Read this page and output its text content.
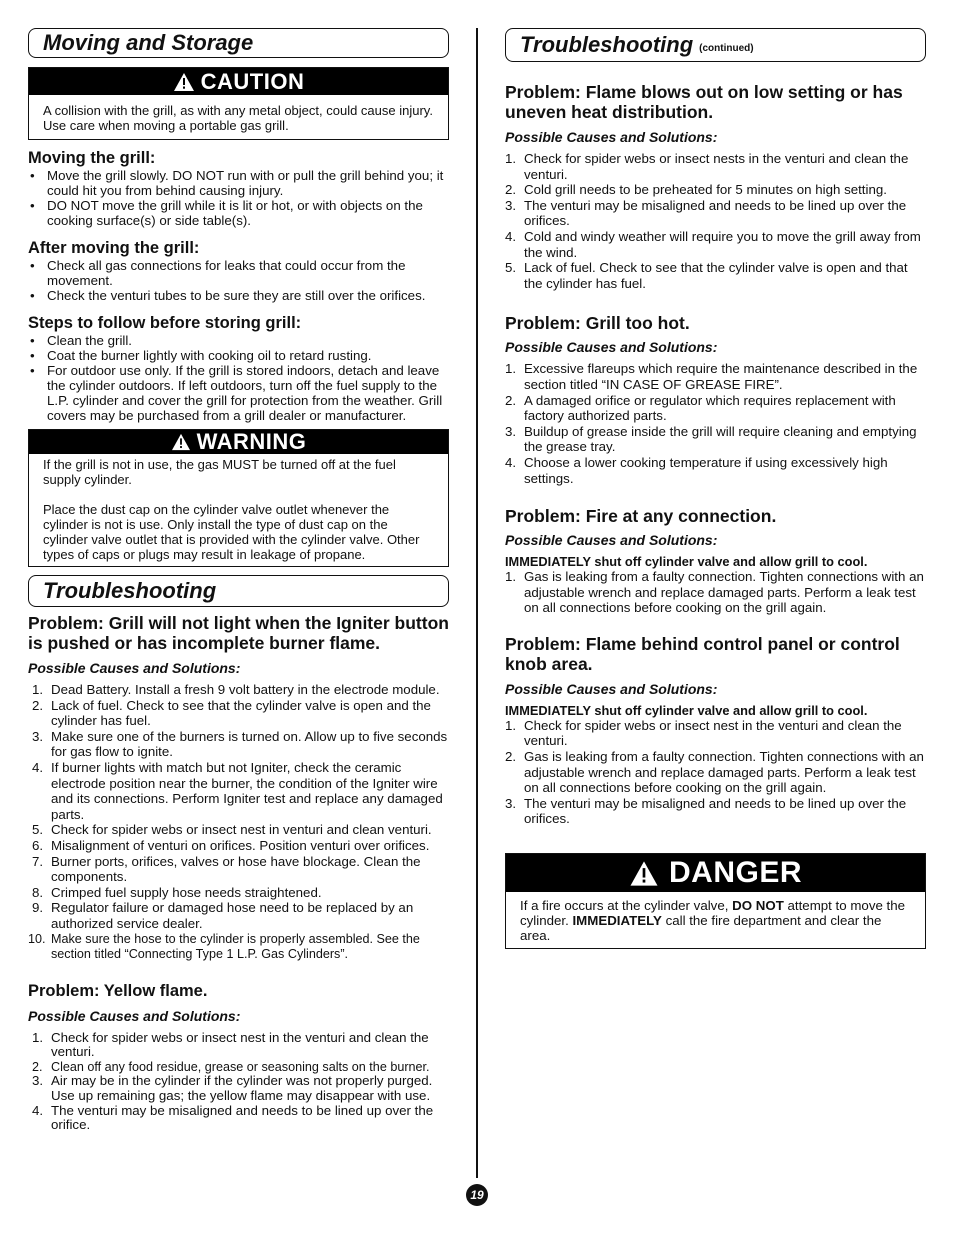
Moving and Storage
CAUTION

A collision with the grill, as with any metal object, could cause injury. Use care when moving a portable gas grill.

Moving the grill:
• Move the grill slowly. DO NOT run with or pull the grill behind you; it could hit you from behind causing injury.
• DO NOT move the grill while it is lit or hot, or with objects on the cooking surface(s) or side table(s).
After moving the grill:
• Check all gas connections for leaks that could occur from the movement.
• Check the venturi tubes to be sure they are still over the orifices.
Steps to follow before storing grill:
• Clean the grill.
• Coat the burner lightly with cooking oil to retard rusting.
• For outdoor use only. If the grill is stored indoors, detach and leave the cylinder outdoors. If left outdoors, turn off the fuel supply to the L.P. cylinder and cover the grill for protection from the weather. Grill covers may be purchased from a grill dealer or manufacturer.
WARNING

If the grill is not in use, the gas MUST be turned off at the fuel supply cylinder.

Place the dust cap on the cylinder valve outlet whenever the cylinder is not is use. Only install the type of dust cap on the cylinder valve outlet that is provided with the cylinder valve. Other types of caps or plugs may result in leakage of propane.

Troubleshooting
Problem: Grill will not light when the Igniter button is pushed or has incomplete burner flame.

Possible Causes and Solutions:

1. Dead Battery. Install a fresh 9 volt battery in the electrode module.
2. Lack of fuel. Check to see that the cylinder valve is open and the cylinder has fuel.
3. Make sure one of the burners is turned on. Allow up to five seconds for gas flow to ignite.
4. If burner lights with match but not Igniter, check the ceramic electrode position near the burner, the condition of the Igniter wire and its connections. Perform Igniter test and replace any damaged parts.
5. Check for spider webs or insect nest in venturi and clean venturi.
6. Misalignment of venturi on orifices. Position venturi over orifices.
7. Burner ports, orifices, valves or hose have blockage. Clean the components.
8. Crimped fuel supply hose needs straightened.
9. Regulator failure or damaged hose need to be replaced by an authorized service dealer.
10. Make sure the hose to the cylinder is properly assembled. See the section titled “Connecting Type 1 L.P. Gas Cylinders”.
Problem: Yellow flame.

Possible Causes and Solutions:

1. Check for spider webs or insect nest in the venturi and clean the venturi.
2. Clean off any food residue, grease or seasoning salts on the burner.
3. Air may be in the cylinder if the cylinder was not properly purged. Use up remaining gas; the yellow flame may disappear with use.
4. The venturi may be misaligned and needs to be lined up over the orifice.
Troubleshooting (continued)
Problem: Flame blows out on low setting or has uneven heat distribution.

Possible Causes and Solutions:

1. Check for spider webs or insect nests in the venturi and clean the venturi.
2. Cold grill needs to be preheated for 5 minutes on high setting.
3. The venturi may be misaligned and needs to be lined up over the orifices.
4. Cold and windy weather will require you to move the grill away from the wind.
5. Lack of fuel. Check to see that the cylinder valve is open and that the cylinder has fuel.
Problem: Grill too hot.

Possible Causes and Solutions:

1. Excessive flareups which require the maintenance described in the section titled “IN CASE OF GREASE FIRE”.
2. A damaged orifice or regulator which requires replacement with factory authorized parts.
3. Buildup of grease inside the grill will require cleaning and emptying the grease tray.
4. Choose a lower cooking temperature if using excessively high settings.
Problem: Fire at any connection.

Possible Causes and Solutions:

IMMEDIATELY shut off cylinder valve and allow grill to cool.

1. Gas is leaking from a faulty connection. Tighten connections with an adjustable wrench and replace damaged parts. Perform a leak test on all connections before cooking on the grill again.
Problem: Flame behind control panel or control knob area.

Possible Causes and Solutions:

IMMEDIATELY shut off cylinder valve and allow grill to cool.

1. Check for spider webs or insect nest in the venturi and clean the venturi.
2. Gas is leaking from a faulty connection. Tighten connections with an adjustable wrench and replace damaged parts. Perform a leak test on all connections before cooking on the grill again.
3. The venturi may be misaligned and needs to be lined up over the orifices.
DANGER

If a fire occurs at the cylinder valve, DO NOT attempt to move the cylinder. IMMEDIATELY call the fire department and clear the area.

19
